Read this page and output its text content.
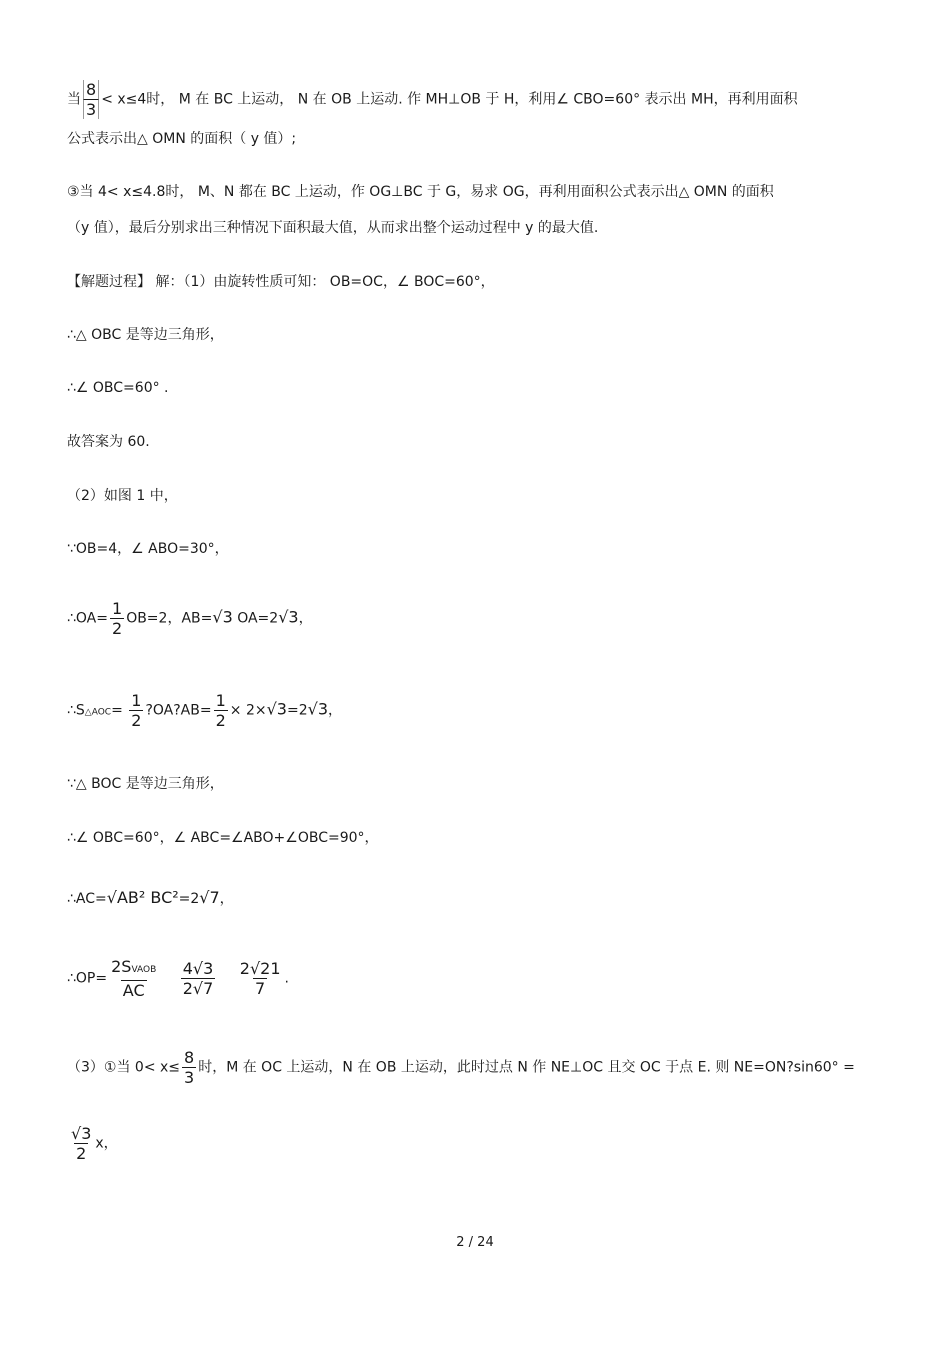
当 $\frac{8}{3} < x\le 4$时， M 在 BC 上运动， N 在 OB 上运动. 作 MH⊥OB 于 H，利用∠ CBO=60° 表示出 MH，再利用面积
公式表示出△ OMN 的面积（ y 值）;
③当 4< x≤4.8时， M、N 都在 BC 上运动，作 OG⊥BC 于 G，易求 OG，再利用面积公式表示出△ OMN 的面积
（y 值），最后分别求出三种情况下面积最大值，从而求出整个运动过程中 y 的最大值.
【解题过程】 解：（1）由旋转性质可知： OB=OC，∠ BOC=60°，
∴△ OBC 是等边三角形，
∴∠ OBC=60° .
故答案为 60.
（2）如图 1 中，
∵OB=4，∠ ABO=30°，
∴OA= $\frac{1}{2} OB=2$，AB=√3 OA=2√3，
∴S△AOC= $\frac{1}{2}$ ?OA?AB= $\frac{1}{2} \times 2\times√3=2√3$，
∵△ BOC 是等边三角形，
∴∠ OBC=60°，∠ ABC=∠ABO+∠OBC=90°，
∴AC=√AB² BC²=2√7，
∴OP= $\frac{\text{2SVAOB}}{AC}$
$\frac{4√3}{2√7}$
$\frac{2√21}{7}$ .
（3）①当 $0< x\le \frac{8}{3}$ 时，M 在 OC 上运动，N 在 OB 上运动，此时过点 N 作 NE⊥OC 且交 OC 于点 E. 则 NE=ON?sin60° =
$\frac{√3}{2}$ x，
2 / 24
